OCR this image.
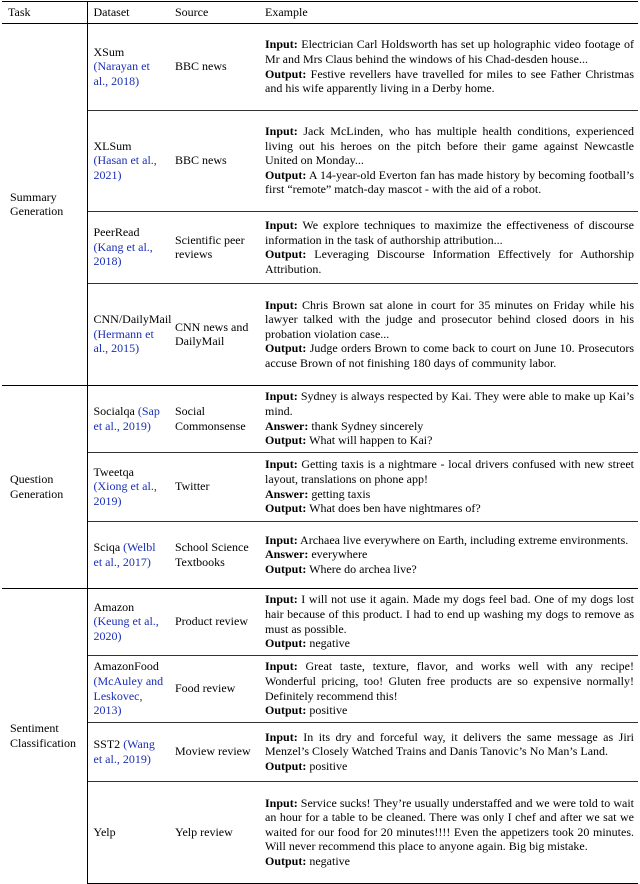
Task	Dataset	Source	Example
Summary Generation	XSum (Narayan et al., 2018)	BBC news	Input: Electrician Carl Holdsworth has set up holographic video footage of Mr and Mrs Claus behind the windows of his Chad-desden house...
Output: Festive revellers have travelled for miles to see Father Christmas and his wife apparently living in a Derby home.
	XLSum (Hasan et al., 2021)	BBC news	Input: Jack McLinden, who has multiple health conditions, experienced living out his heroes on the pitch before their game against Newcastle United on Monday...
Output: A 14-year-old Everton fan has made history by becoming football’s first “remote” match-day mascot - with the aid of a robot.
	PeerRead (Kang et al., 2018)	Scientific peer reviews	Input: We explore techniques to maximize the effectiveness of discourse information in the task of authorship attribution...
Output: Leveraging Discourse Information Effectively for Authorship Attribution.
	CNN/DailyMail (Hermann et al., 2015)	CNN news and DailyMail	Input: Chris Brown sat alone in court for 35 minutes on Friday while his lawyer talked with the judge and prosecutor behind closed doors in his probation violation case...
Output: Judge orders Brown to come back to court on June 10. Prosecutors accuse Brown of not finishing 180 days of community labor.
Question Generation	Socialqa (Sap et al., 2019)	Social Commonsense	Input: Sydney is always respected by Kai. They were able to make up Kai’s mind.
Answer: thank Sydney sincerely
Output: What will happen to Kai?
	Tweetqa (Xiong et al., 2019)	Twitter	Input: Getting taxis is a nightmare - local drivers confused with new street layout, translations on phone app!
Answer: getting taxis
Output: What does ben have nightmares of?
	Sciqa (Welbl et al., 2017)	School Science Textbooks	Input: Archaea live everywhere on Earth, including extreme environments.
Answer: everywhere
Output: Where do archea live?
Sentiment Classification	Amazon (Keung et al., 2020)	Product review	Input: I will not use it again. Made my dogs feel bad. One of my dogs lost hair because of this product. I had to end up washing my dogs to remove as must as possible.
Output: negative
	AmazonFood (McAuley and Leskovec, 2013)	Food review	Input: Great taste, texture, flavor, and works well with any recipe! Wonderful pricing, too! Gluten free products are so expensive normally! Definitely recommend this!
Output: positive
	SST2 (Wang et al., 2019)	Moview review	Input: In its dry and forceful way, it delivers the same message as Jiri Menzel’s Closely Watched Trains and Danis Tanovic’s No Man’s Land.
Output: positive
	Yelp	Yelp review	Input: Service sucks! They’re usually understaffed and we were told to wait an hour for a table to be cleaned. There was only I chef and after we sat we waited for our food for 20 minutes!!!! Even the appetizers took 20 minutes. Will never recommend this place to anyone again. Big big mistake.
Output: negative
